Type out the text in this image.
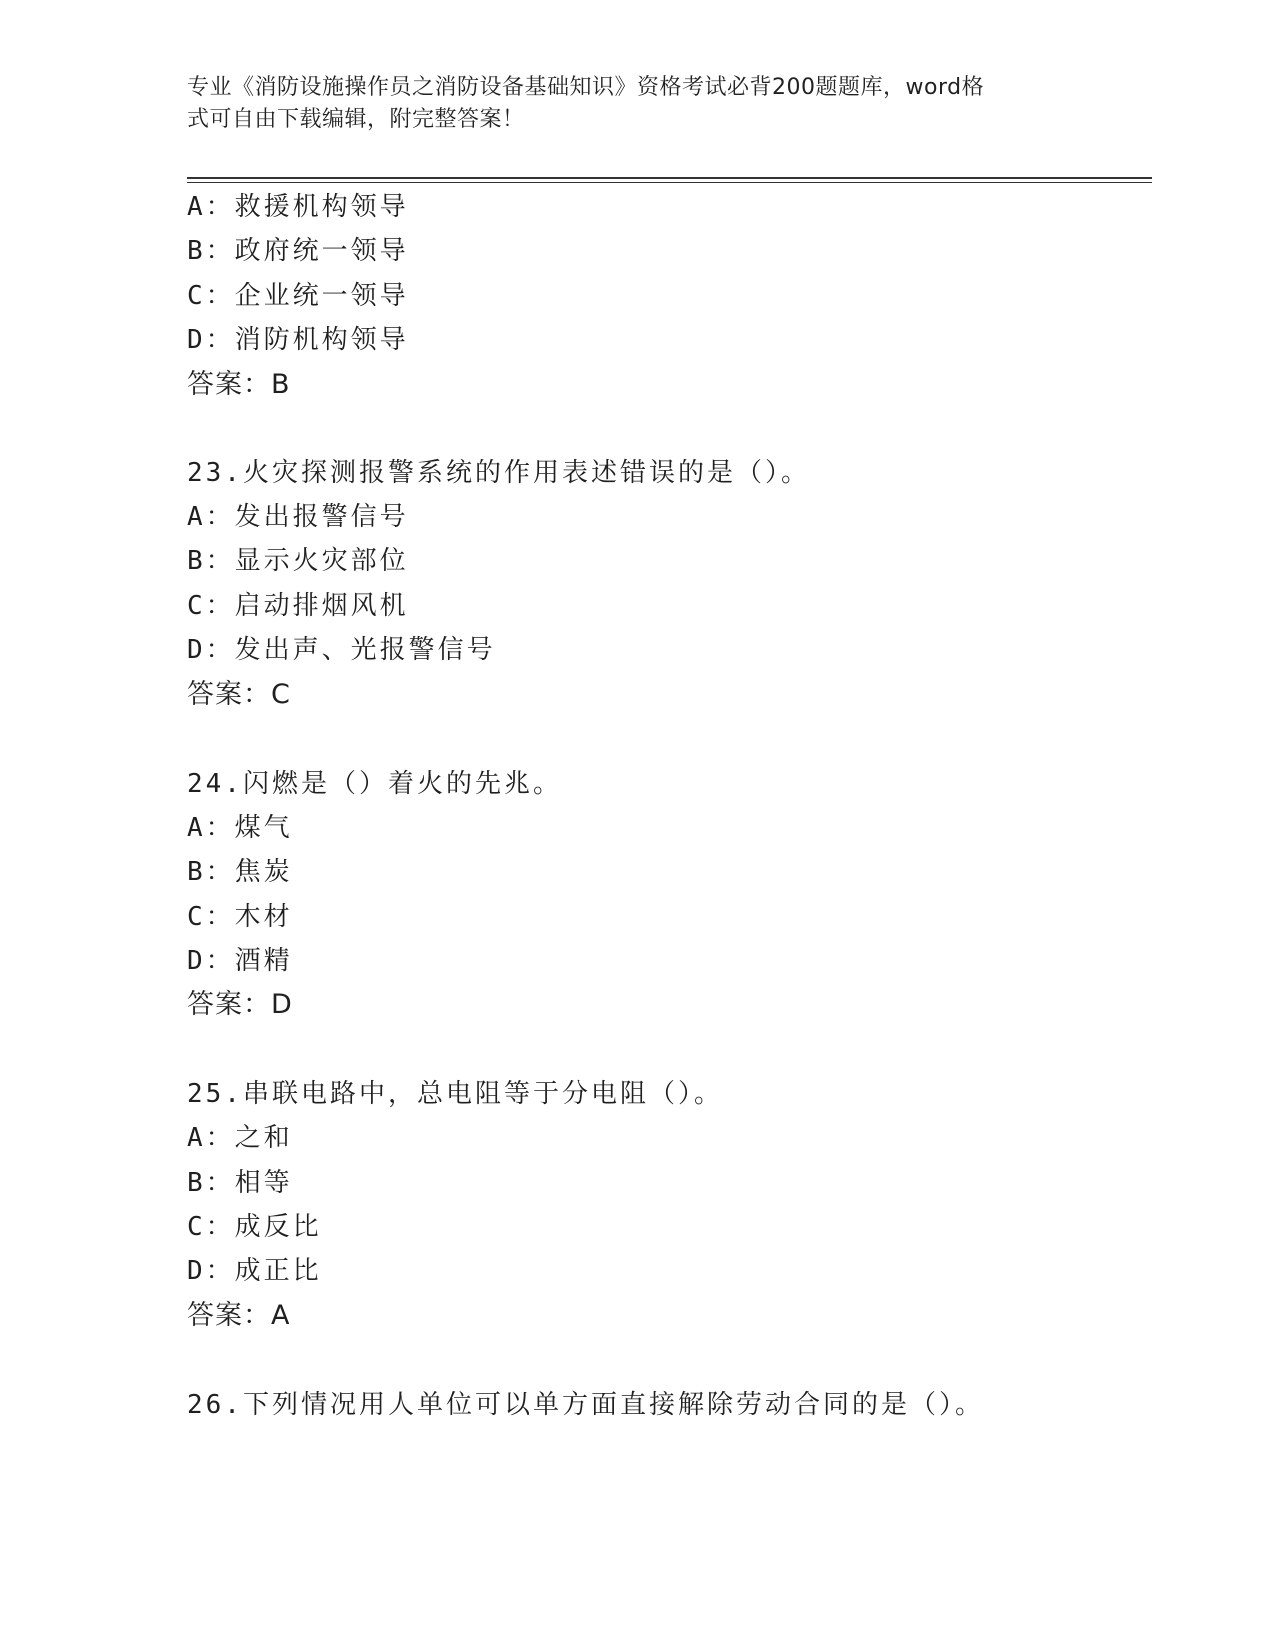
专业《消防设施操作员之消防设备基础知识》资格考试必背200题题库，word格
式可自由下载编辑，附完整答案！
A：救援机构领导
B：政府统一领导
C：企业统一领导
D：消防机构领导
答案：B
23.火灾探测报警系统的作用表述错误的是（）。
A：发出报警信号
B：显示火灾部位
C：启动排烟风机
D：发出声、光报警信号
答案：C
24.闪燃是（）着火的先兆。
A：煤气
B：焦炭
C：木材
D：酒精
答案：D
25.串联电路中，总电阻等于分电阻（）。
A：之和
B：相等
C：成反比
D：成正比
答案：A
26.下列情况用人单位可以单方面直接解除劳动合同的是（）。
